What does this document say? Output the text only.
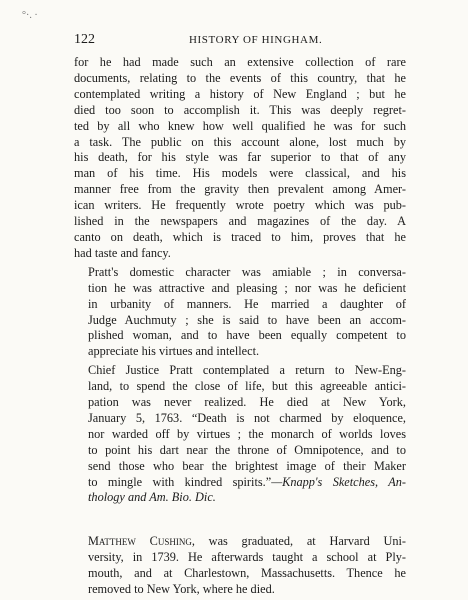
°·. ·
122	HISTORY OF HINGHAM.
for he had made such an extensive collection of rare
documents, relating to the events of this country, that he
contemplated writing a history of New England ; but he
died too soon to accomplish it. This was deeply regret-
ted by all who knew how well qualified he was for such
a task. The public on this account alone, lost much by
his death, for his style was far superior to that of any
man of his time. His models were classical, and his
manner free from the gravity then prevalent among Amer-
ican writers. He frequently wrote poetry which was pub-
lished in the newspapers and magazines of the day. A
canto on death, which is traced to him, proves that he
had taste and fancy.
Pratt's domestic character was amiable ; in conversa-
tion he was attractive and pleasing ; nor was he deficient
in urbanity of manners. He married a daughter of
Judge Auchmuty ; she is said to have been an accom-
plished woman, and to have been equally competent to
appreciate his virtues and intellect.
Chief Justice Pratt contemplated a return to New-Eng-
land, to spend the close of life, but this agreeable antici-
pation was never realized. He died at New York,
January 5, 1763. “Death is not charmed by eloquence,
nor warded off by virtues ; the monarch of worlds loves
to point his dart near the throne of Omnipotence, and to
send those who bear the brightest image of their Maker
to mingle with kindred spirits.”—Knapp's Sketches, An-
thology and Am. Bio. Dic.
Matthew Cushing, was graduated, at Harvard Uni-
versity, in 1739. He afterwards taught a school at Ply-
mouth, and at Charlestown, Massachusetts. Thence he
removed to New York, where he died.
